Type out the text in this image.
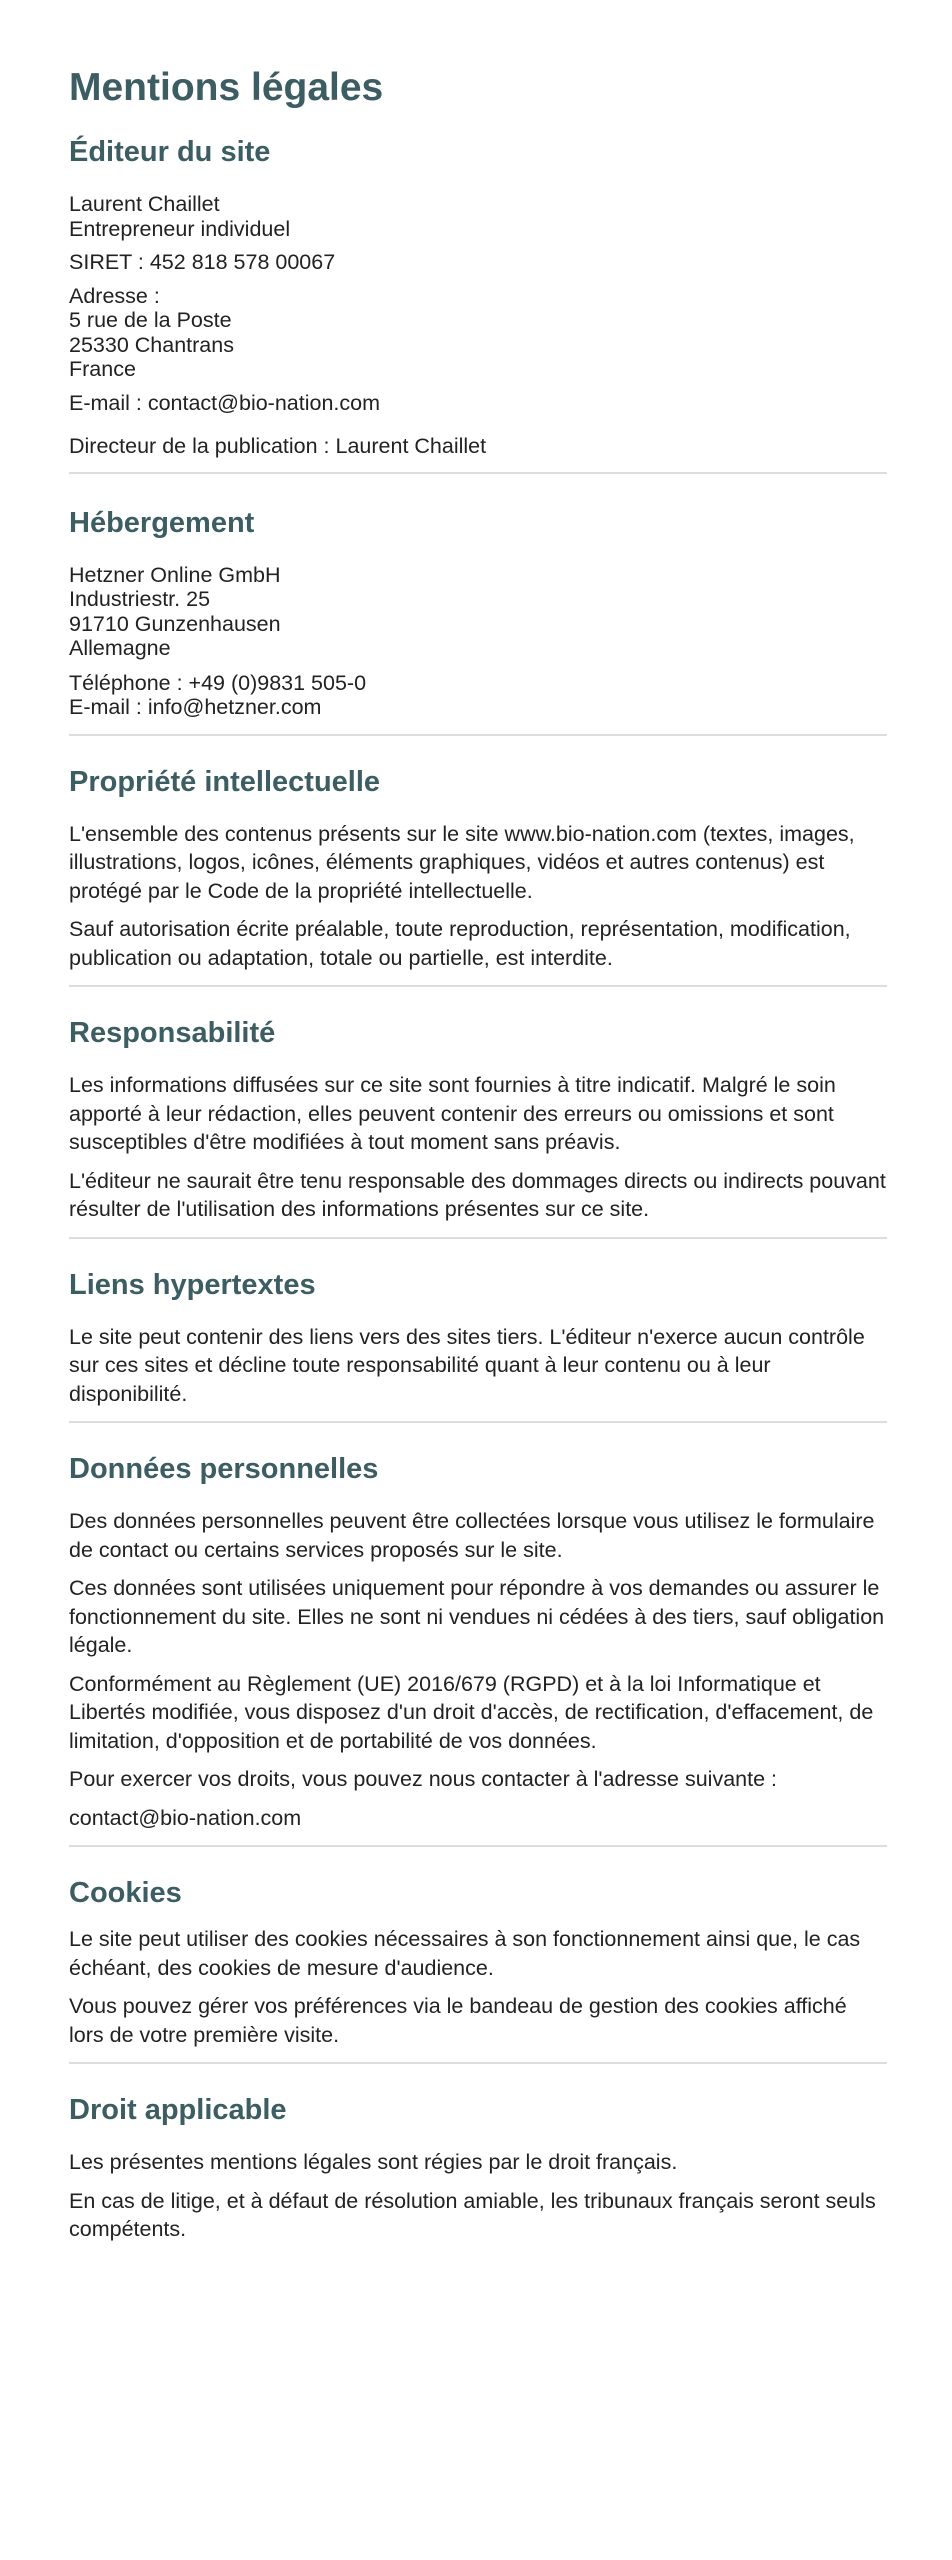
Mentions légales
Éditeur du site
Laurent Chaillet
Entrepreneur individuel
SIRET : 452 818 578 00067
Adresse :
5 rue de la Poste
25330 Chantrans
France
E-mail : contact@bio-nation.com
Directeur de la publication : Laurent Chaillet
Hébergement
Hetzner Online GmbH
Industriestr. 25
91710 Gunzenhausen
Allemagne
Téléphone : +49 (0)9831 505-0
E-mail : info@hetzner.com
Propriété intellectuelle

L'ensemble des contenus présents sur le site www.bio-nation.com (textes, images, illustrations, logos, icônes, éléments graphiques, vidéos et autres contenus) est protégé par le Code de la propriété intellectuelle.

Sauf autorisation écrite préalable, toute reproduction, représentation, modification, publication ou adaptation, totale ou partielle, est interdite.

Responsabilité

Les informations diffusées sur ce site sont fournies à titre indicatif. Malgré le soin apporté à leur rédaction, elles peuvent contenir des erreurs ou omissions et sont susceptibles d'être modifiées à tout moment sans préavis.

L'éditeur ne saurait être tenu responsable des dommages directs ou indirects pouvant résulter de l'utilisation des informations présentes sur ce site.

Liens hypertextes

Le site peut contenir des liens vers des sites tiers. L'éditeur n'exerce aucun contrôle sur ces sites et décline toute responsabilité quant à leur contenu ou à leur disponibilité.

Données personnelles

Des données personnelles peuvent être collectées lorsque vous utilisez le formulaire de contact ou certains services proposés sur le site.

Ces données sont utilisées uniquement pour répondre à vos demandes ou assurer le fonctionnement du site. Elles ne sont ni vendues ni cédées à des tiers, sauf obligation légale.

Conformément au Règlement (UE) 2016/679 (RGPD) et à la loi Informatique et Libertés modifiée, vous disposez d'un droit d'accès, de rectification, d'effacement, de limitation, d'opposition et de portabilité de vos données.

Pour exercer vos droits, vous pouvez nous contacter à l'adresse suivante :

contact@bio-nation.com

Cookies

Le site peut utiliser des cookies nécessaires à son fonctionnement ainsi que, le cas échéant, des cookies de mesure d'audience.

Vous pouvez gérer vos préférences via le bandeau de gestion des cookies affiché lors de votre première visite.

Droit applicable

Les présentes mentions légales sont régies par le droit français.

En cas de litige, et à défaut de résolution amiable, les tribunaux français seront seuls compétents.
